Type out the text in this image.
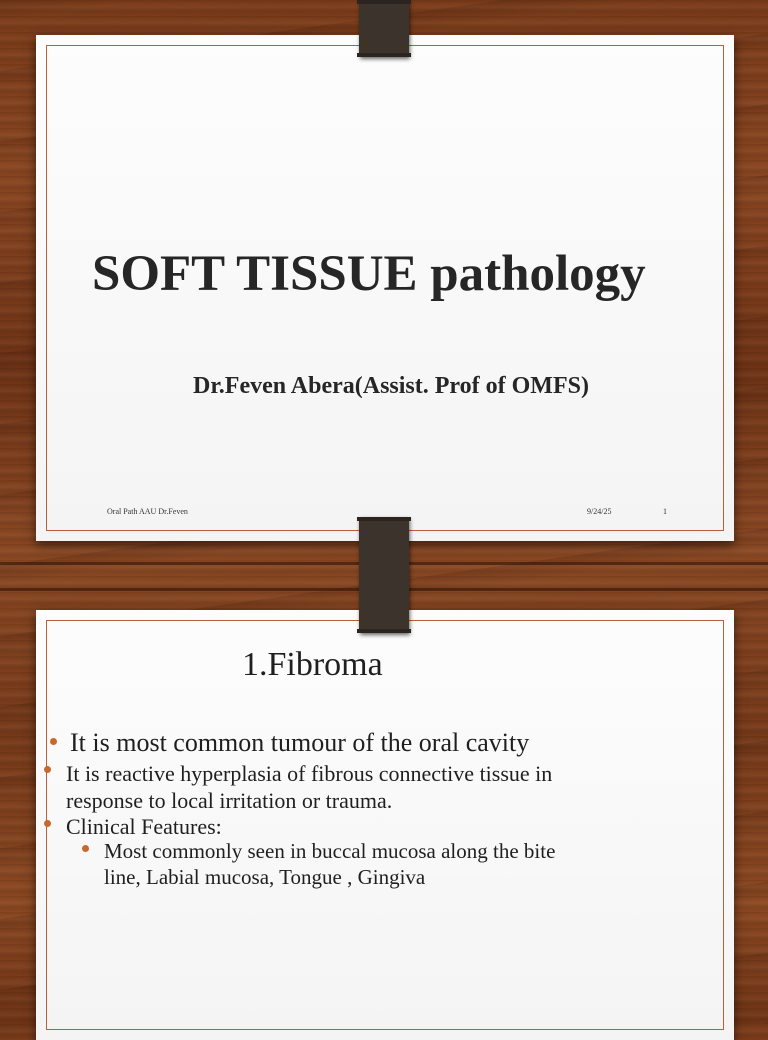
SOFT TISSUE pathology
Dr.Feven Abera(Assist. Prof of OMFS)
Oral Path AAU Dr.Feven	9/24/25	1
1.Fibroma

It is most common tumour of the oral cavity

It is reactive hyperplasia of fibrous connective tissue in
response to local irritation or trauma.

Clinical Features:

Most commonly seen in buccal mucosa along the bite
line, Labial mucosa, Tongue , Gingiva
